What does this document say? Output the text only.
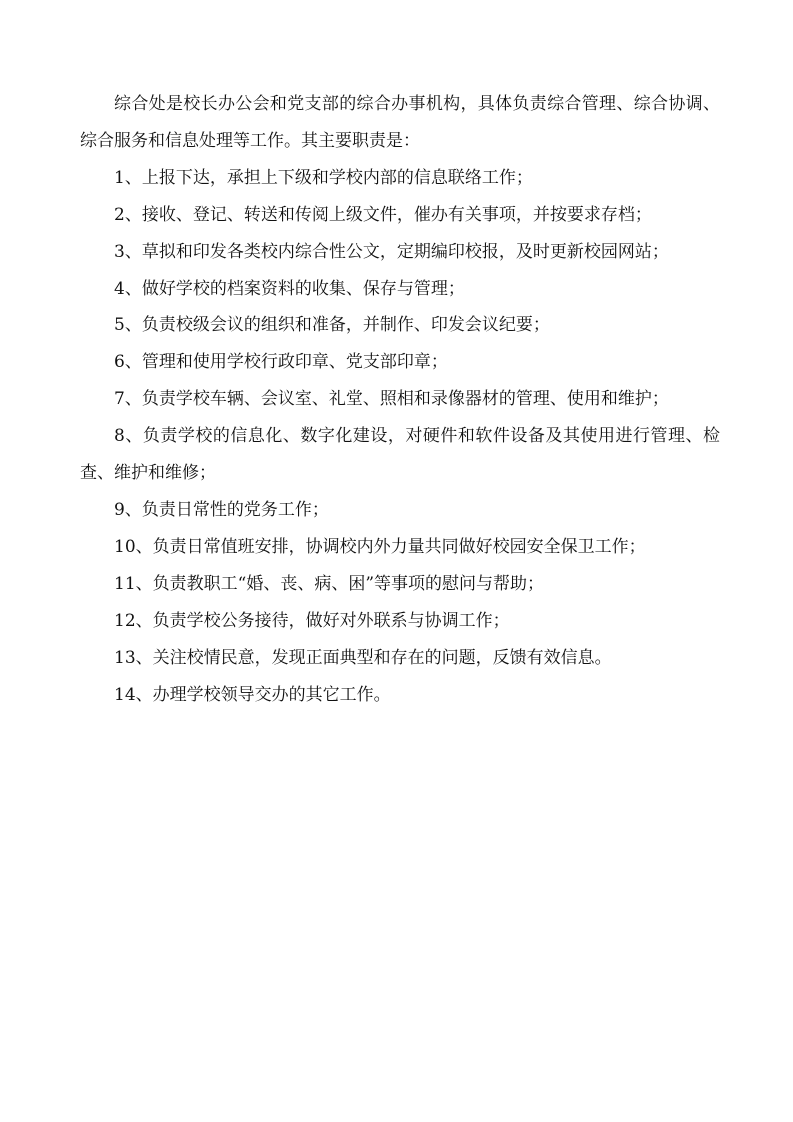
综合处是校长办公会和党支部的综合办事机构，具体负责综合管理、综合协调、综合服务和信息处理等工作。其主要职责是：

1、上报下达，承担上下级和学校内部的信息联络工作；

2、接收、登记、转送和传阅上级文件，催办有关事项，并按要求存档；

3、草拟和印发各类校内综合性公文，定期编印校报，及时更新校园网站；

4、做好学校的档案资料的收集、保存与管理；

5、负责校级会议的组织和准备，并制作、印发会议纪要；

6、管理和使用学校行政印章、党支部印章；

7、负责学校车辆、会议室、礼堂、照相和录像器材的管理、使用和维护；

8、负责学校的信息化、数字化建设，对硬件和软件设备及其使用进行管理、检查、维护和维修；

9、负责日常性的党务工作；

10、负责日常值班安排，协调校内外力量共同做好校园安全保卫工作；

11、负责教职工“婚、丧、病、困”等事项的慰问与帮助；

12、负责学校公务接待，做好对外联系与协调工作；

13、关注校情民意，发现正面典型和存在的问题，反馈有效信息。

14、办理学校领导交办的其它工作。
